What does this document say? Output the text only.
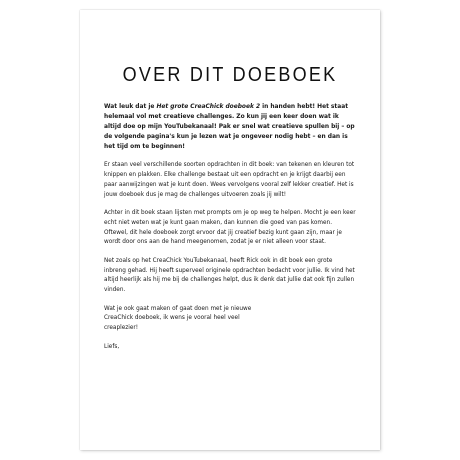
OVER DIT DOEBOEK

Wat leuk dat je Het grote CreaChick doeboek 2 in handen hebt! Het staat helemaal vol met creatieve challenges. Zo kun jij een keer doen wat ik altijd doe op mijn YouTubekanaal! Pak er snel wat creatieve spullen bij – op de volgende pagina's kun je lezen wat je ongeveer nodig hebt – en dan is het tijd om te beginnen!

Er staan veel verschillende soorten opdrachten in dit boek: van tekenen en kleuren tot knippen en plakken. Elke challenge bestaat uit een opdracht en je krijgt daarbij een paar aanwijzingen wat je kunt doen. Wees vervolgens vooral zelf lekker creatief. Het is jouw doeboek dus je mag de challenges uitvoeren zoals jij wilt!

Achter in dit boek staan lijsten met prompts om je op weg te helpen. Mocht je een keer echt niet weten wat je kunt gaan maken, dan kunnen die goed van pas komen. Oftewel, dit hele doeboek zorgt ervoor dat jij creatief bezig kunt gaan zijn, maar je wordt door ons aan de hand meegenomen, zodat je er niet alleen voor staat.

Net zoals op het CreaChick YouTubekanaal, heeft Rick ook in dit boek een grote inbreng gehad. Hij heeft superveel originele opdrachten bedacht voor jullie. Ik vind het altijd heerlijk als hij me bij de challenges helpt, dus ik denk dat jullie dat ook fijn zullen vinden.

Wat je ook gaat maken of gaat doen met je nieuwe CreaChick doeboek, ik wens je vooral heel veel creaplezier!

Liefs,
